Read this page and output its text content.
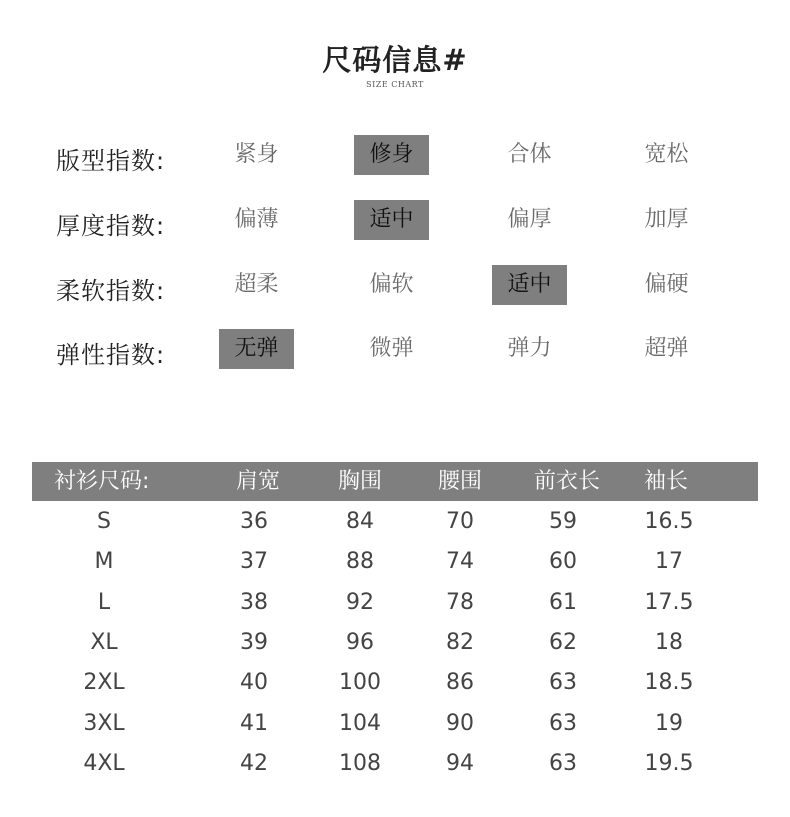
尺码信息#
SIZE CHART
版型指数:	紧身	修身	合体	宽松
厚度指数:	偏薄	适中	偏厚	加厚
柔软指数:	超柔	偏软	适中	偏硬
弹性指数:	无弹	微弹	弹力	超弹
衬衫尺码:	肩宽	胸围	腰围	前衣长	袖长
S	36	84	70	59	16.5
M	37	88	74	60	17
L	38	92	78	61	17.5
XL	39	96	82	62	18
2XL	40	100	86	63	18.5
3XL	41	104	90	63	19
4XL	42	108	94	63	19.5
